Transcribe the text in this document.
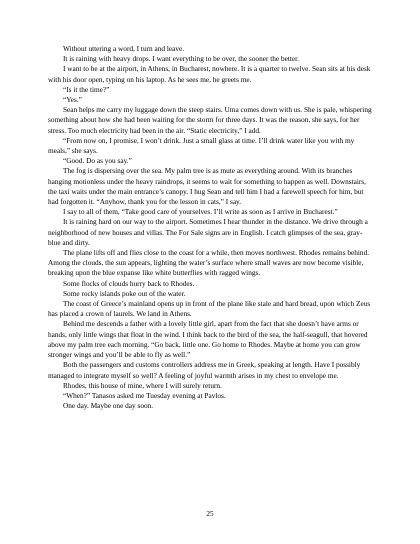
Without uttering a word, I turn and leave.

It is raining with heavy drops. I want everything to be over, the sooner the better.

I want to be at the airport, in Athens, in Bucharest, nowhere. It is a quarter to twelve. Sean sits at his desk with his door open, typing on his laptop. As he sees me, he greets me.

“Is it the time?”

“Yes.”

Sean helps me carry my luggage down the steep stairs. Uma comes down with us. She is pale, whispering something about how she had been waiting for the storm for three days. It was the reason, she says, for her stress. Too much electricity had been in the air. “Static electricity,” I add.

“From now on, I promise, I won’t drink. Just a small glass at time. I’ll drink water like you with my meals,” she says.

“Good. Do as you say.”

The fog is dispersing over the sea. My palm tree is as mute as everything around. With its branches hanging motionless under the heavy raindrops, it seems to wait for something to happen as well. Downstairs, the taxi waits under the main entrance’s canopy. I hug Sean and tell him I had a farewell speech for him, but had forgotten it. “Anyhow, thank you for the lesson in cats,” I say.

I say to all of them, “Take good care of yourselves. I’ll write as soon as I arrive in Bucharest.”

It is raining hard on our way to the airport. Sometimes I hear thunder in the distance. We drive through a neighborhood of new houses and villas. The For Sale signs are in English. I catch glimpses of the sea, gray-blue and dirty.

The plane lifts off and flies close to the coast for a while, then moves northwest. Rhodes remains behind. Among the clouds, the sun appears, lighting the water’s surface where small waves are now become visible, breaking upon the blue expanse like white butterflies with ragged wings.

Some flocks of clouds hurry back to Rhodes.

Some rocky islands poke out of the water.

The coast of Greece’s mainland opens up in front of the plane like stale and hard bread, upon which Zeus has placed a crown of laurels. We land in Athens.

Behind me descends a father with a lovely little girl, apart from the fact that she doesn’t have arms or hands, only little wings that float in the wind. I think back to the bird of the sea, the half-seagull, that hovered above my palm tree each morning. “Go back, little one. Go home to Rhodes. Maybe at home you can grow stronger wings and you’ll be able to fly as well.”

Both the passengers and customs controllers address me in Greek, speaking at length. Have I possibly managed to integrate myself so well? A feeling of joyful warmth arises in my chest to envelope me.

Rhodes, this house of mine, where I will surely return.

“When?” Tanasos asked me Tuesday evening at Pavlos.

One day. Maybe one day soon.

25
